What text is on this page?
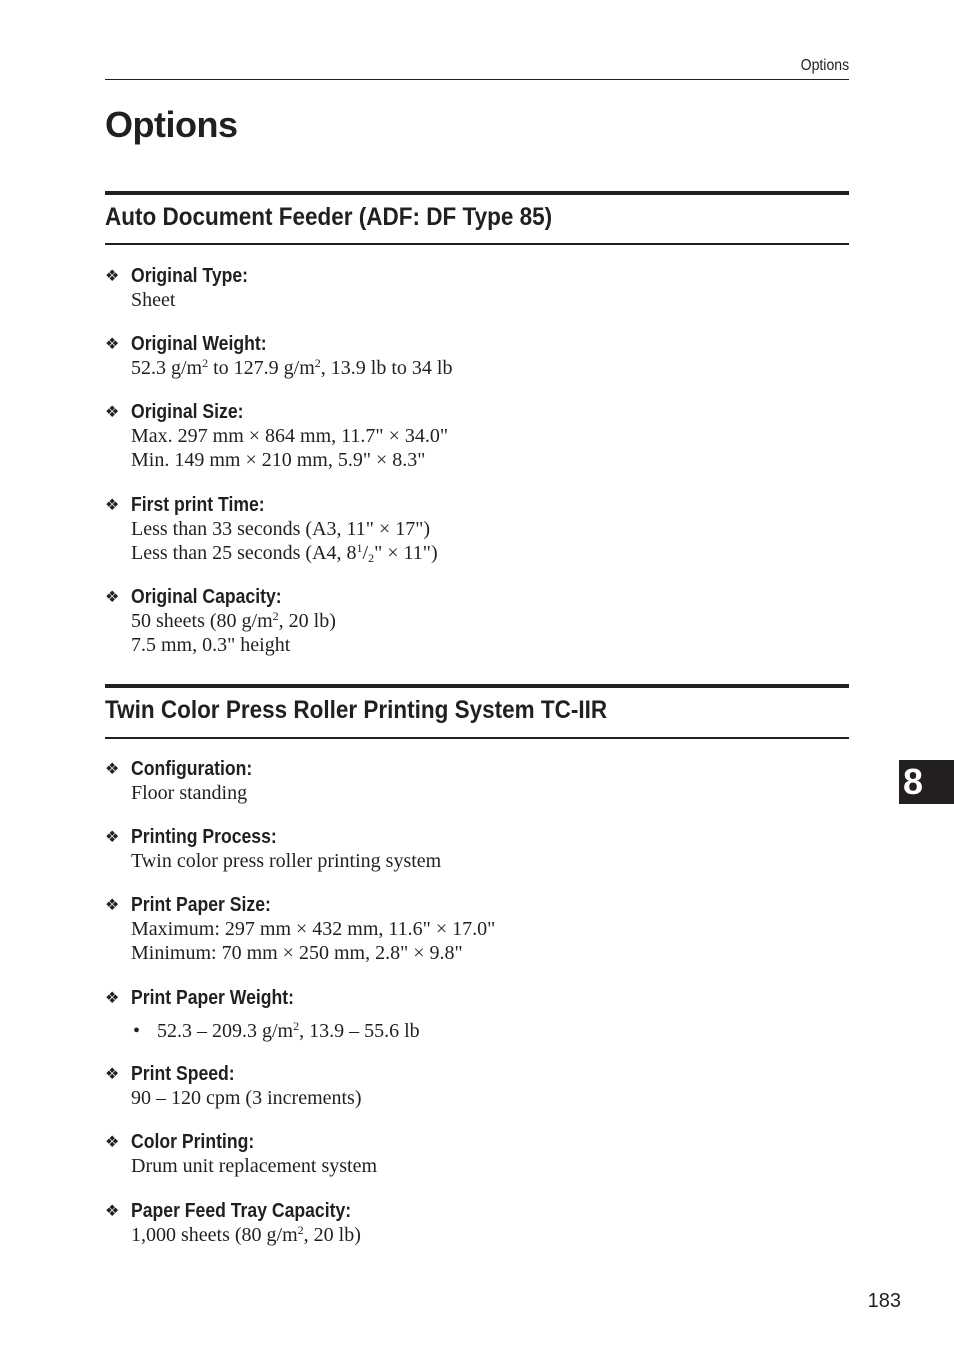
Options
Options
Auto Document Feeder (ADF: DF Type 85)
❖ Original Type:
Sheet
❖ Original Weight:
52.3 $g/m^2$ to 127.9 $g/m^2$, 13.9 lb to 34 lb
❖ Original Size:
Max. 297 mm × 864 mm, 11.7" × 34.0"
Min. 149 mm × 210 mm, 5.9" × 8.3"
❖ First print Time:
Less than 33 seconds (A3, 11" × 17")
Less than 25 seconds (A4, $8^1/_2$" × 11")
❖ Original Capacity:
50 sheets (80 $g/m^2$, 20 lb)
7.5 mm, 0.3" height
Twin Color Press Roller Printing System TC-IIR
❖ Configuration:
Floor standing
❖ Printing Process:
Twin color press roller printing system
❖ Print Paper Size:
Maximum: 297 mm × 432 mm, 11.6" × 17.0"
Minimum: 70 mm × 250 mm, 2.8" × 9.8"
❖ Print Paper Weight:
• 52.3 – 209.3 $g/m^2$, 13.9 – 55.6 lb
❖ Print Speed:
90 – 120 cpm (3 increments)
❖ Color Printing:
Drum unit replacement system
❖ Paper Feed Tray Capacity:
1,000 sheets (80 $g/m^2$, 20 lb)
8
183
